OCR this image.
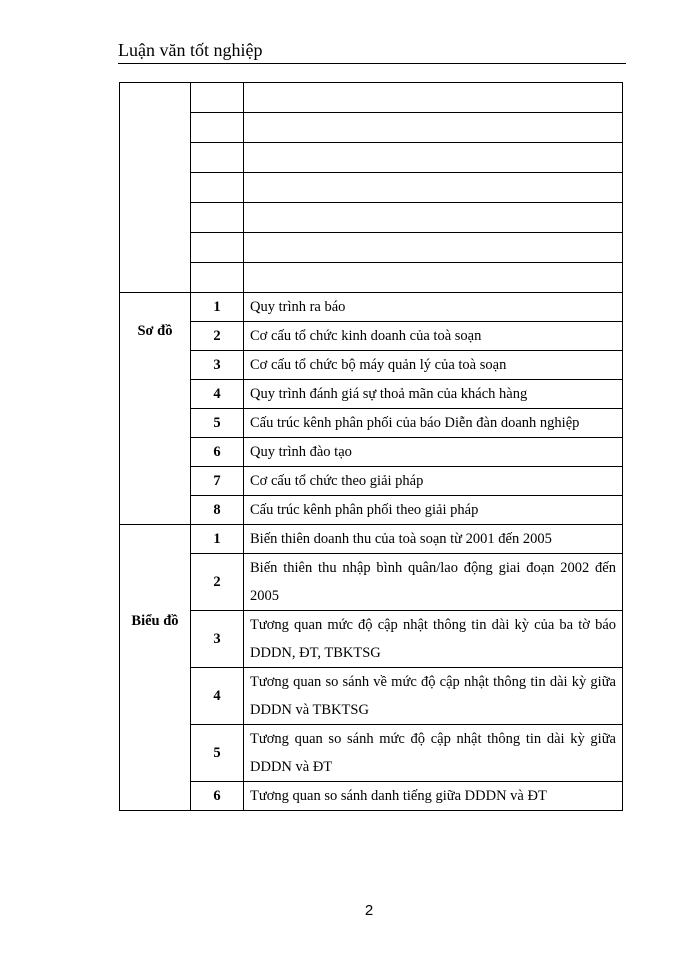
Luận văn tốt nghiệp

Sơ đồ	1	Quy trình ra báo
	2	Cơ cấu tổ chức kinh doanh của toà soạn
	3	Cơ cấu tổ chức bộ máy quản lý của toà soạn
	4	Quy trình đánh giá sự thoả mãn của khách hàng
	5	Cấu trúc kênh phân phối của báo Diễn đàn doanh nghiệp
	6	Quy trình đào tạo
	7	Cơ cấu tổ chức theo giải pháp
	8	Cấu trúc kênh phân phối theo giải pháp

Biểu đồ	1	Biến thiên doanh thu của toà soạn từ 2001 đến 2005
	2	Biến thiên thu nhập bình quân/lao động giai đoạn 2002 đến 2005
	3	Tương quan mức độ cập nhật thông tin dài kỳ của ba tờ báo DDDN, ĐT, TBKTSG
	4	Tương quan so sánh về mức độ cập nhật thông tin dài kỳ giữa DDDN và TBKTSG
	5	Tương quan so sánh mức độ cập nhật thông tin dài kỳ giữa DDDN và ĐT
	6	Tương quan so sánh danh tiếng giữa DDDN và ĐT
2
